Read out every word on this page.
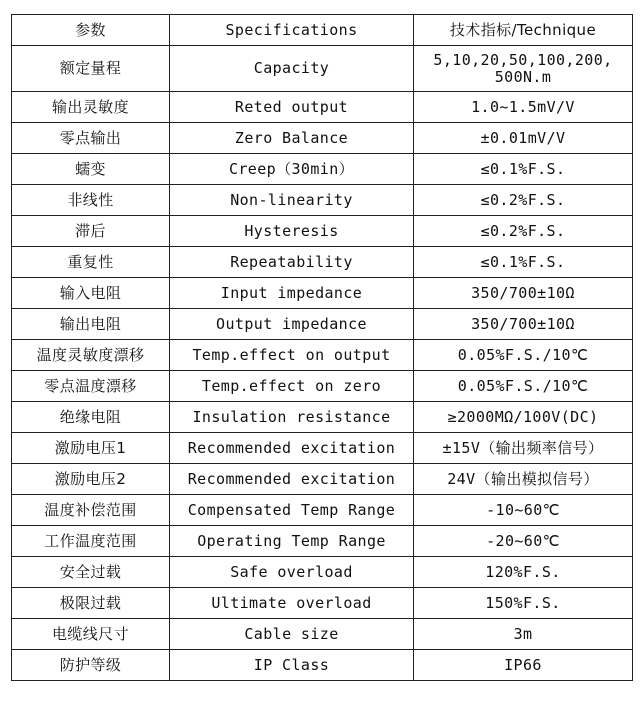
参数	Specifications	技术指标/Technique
额定量程	Capacity	5,10,20,50,100,200,
500N.m
输出灵敏度	Reted output	1.0~1.5mV/V
零点输出	Zero Balance	±0.01mV/V
蠕变	Creep（30min）	≤0.1%F.S.
非线性	Non-linearity	≤0.2%F.S.
滞后	Hysteresis	≤0.2%F.S.
重复性	Repeatability	≤0.1%F.S.
输入电阻	Input impedance	350/700±10Ω
输出电阻	Output impedance	350/700±10Ω
温度灵敏度漂移	Temp.effect on output	0.05%F.S./10℃
零点温度漂移	Temp.effect on zero	0.05%F.S./10℃
绝缘电阻	Insulation resistance	≥2000MΩ/100V(DC)
激励电压1	Recommended excitation	±15V（输出频率信号）
激励电压2	Recommended excitation	24V（输出模拟信号）
温度补偿范围	Compensated Temp Range	-10~60℃
工作温度范围	Operating Temp Range	-20~60℃
安全过载	Safe overload	120%F.S.
极限过载	Ultimate overload	150%F.S.
电缆线尺寸	Cable size	3m
防护等级	IP Class	IP66
